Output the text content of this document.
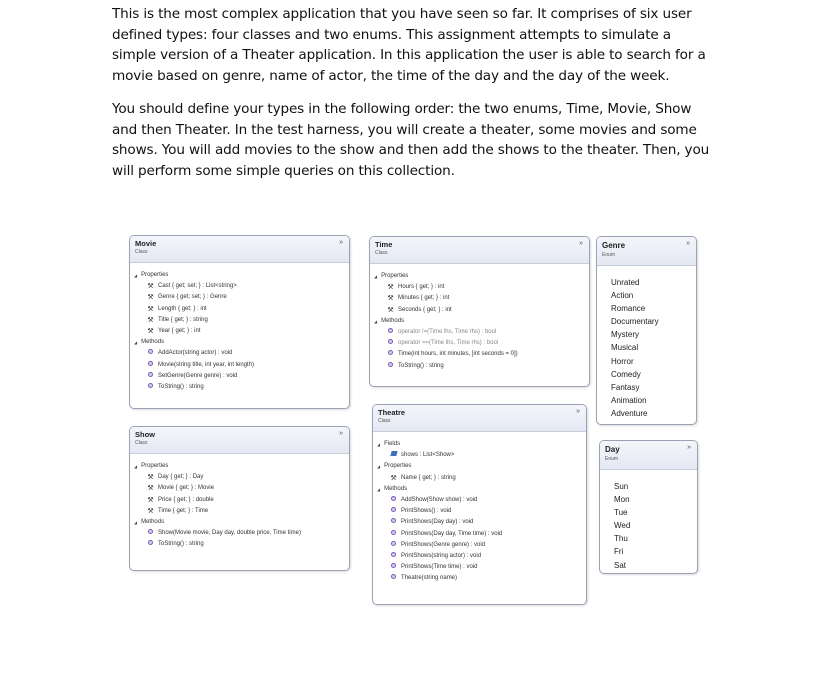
This is the most complex application that you have seen so far. It comprises of six user defined types: four classes and two enums. This assignment attempts to simulate a simple version of a Theater application. In this application the user is able to search for a movie based on genre, name of actor, the time of the day and the day of the week.

You should define your types in the following order: the two enums, Time, Movie, Show and then Theater. In the test harness, you will create a theater, some movies and some shows. You will add movies to the show and then add the shows to the theater. Then, you will perform some simple queries on this collection.

Movie
Class
»
◢ Properties
⚒ Cast { get; set; } : List<string>
⚒ Genre { get; set; } : Genre
⚒ Length { get; } : int
⚒ Title { get; } : string
⚒ Year { get; } : int
◢ Methods
AddActor(string actor) : void
Movie(string title, int year, int length)
SetGenre(Genre genre) : void
ToString() : string
Time
Class
»
◢ Properties
⚒ Hours { get; } : int
⚒ Minutes { get; } : int
⚒ Seconds { get; } : int
◢ Methods
operator !=(Time lhs, Time rhs) : bool
operator ==(Time lhs, Time rhs) : bool
Time(int hours, int minutes, [int seconds = 0])
ToString() : string
Genre
Enum
»
Unrated
Action
Romance
Documentary
Mystery
Musical
Horror
Comedy
Fantasy
Animation
Adventure
Show
Class
»
◢ Properties
⚒ Day { get; } : Day
⚒ Movie { get; } : Movie
⚒ Price { get; } : double
⚒ Time { get; } : Time
◢ Methods
Show(Movie movie, Day day, double price, Time time)
ToString() : string
Theatre
Class
»
◢ Fields
shows : List<Show>
◢ Properties
⚒ Name { get; } : string
◢ Methods
AddShow(Show show) : void
PrintShows() : void
PrintShows(Day day) : void
PrintShows(Day day, Time time) : void
PrintShows(Genre genre) : void
PrintShows(string actor) : void
PrintShows(Time time) : void
Theatre(string name)
Day
Enum
»
Sun
Mon
Tue
Wed
Thu
Fri
Sat
